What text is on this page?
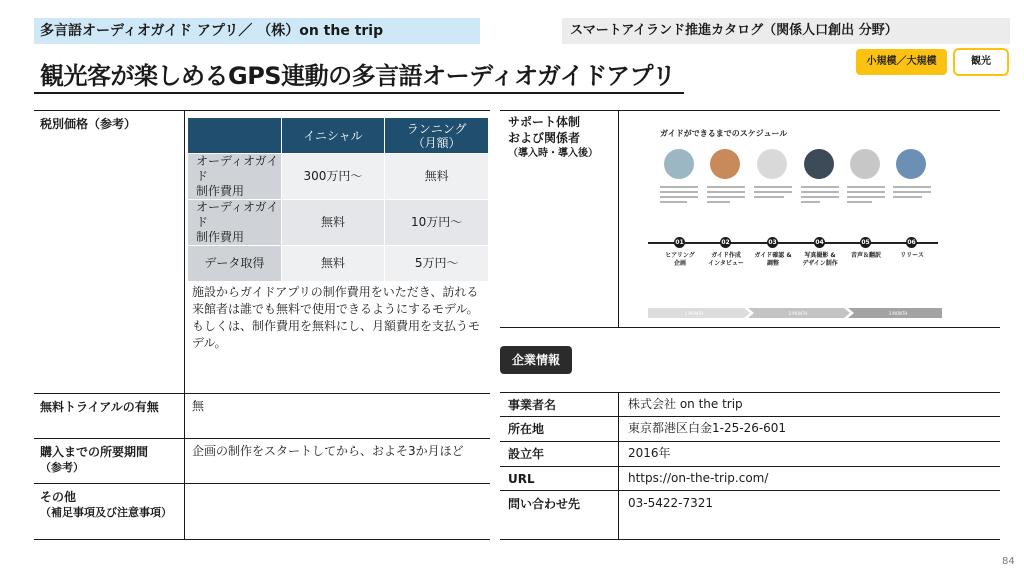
多言語オーディオガイド アプリ／ （株）on the trip	スマートアイランド推進カタログ（関係人口創出 分野）
小規模／大規模	観光
観光客が楽しめるGPS連動の多言語オーディオガイドアプリ
税別価格（参考）
	イニシャル	ランニング
（月額）
オーディオガイド
制作費用	300万円～	無料
オーディオガイド
制作費用	無料	10万円～
データ取得	無料	5万円～
施設からガイドアプリの制作費用をいただき、訪れる来館者は誰でも無料で使用できるようにするモデル。もしくは、制作費用を無料にし、月額費用を支払うモデル。
無料トライアルの有無	無
購入までの所要期間
（参考）
企画の制作をスタートしてから、およそ3か月ほど
その他
（補足事項及び注意事項）
サポート体制
および関係者
（導入時・導入後）
ガイドができるまでのスケジュール
01	02	03	04	05	06
ヒアリング
企画
ガイド作成
インタビュー
ガイド確認 &
調整
写真撮影 &
デザイン制作
音声＆翻訳	リリース
1 MONTH	2 MONTH	3 MONTH
企業情報
事業者名	株式会社 on the trip
所在地	東京都港区白金1-25-26-601
設立年	2016年
URL	https://on-the-trip.com/
問い合わせ先	03-5422-7321
84
